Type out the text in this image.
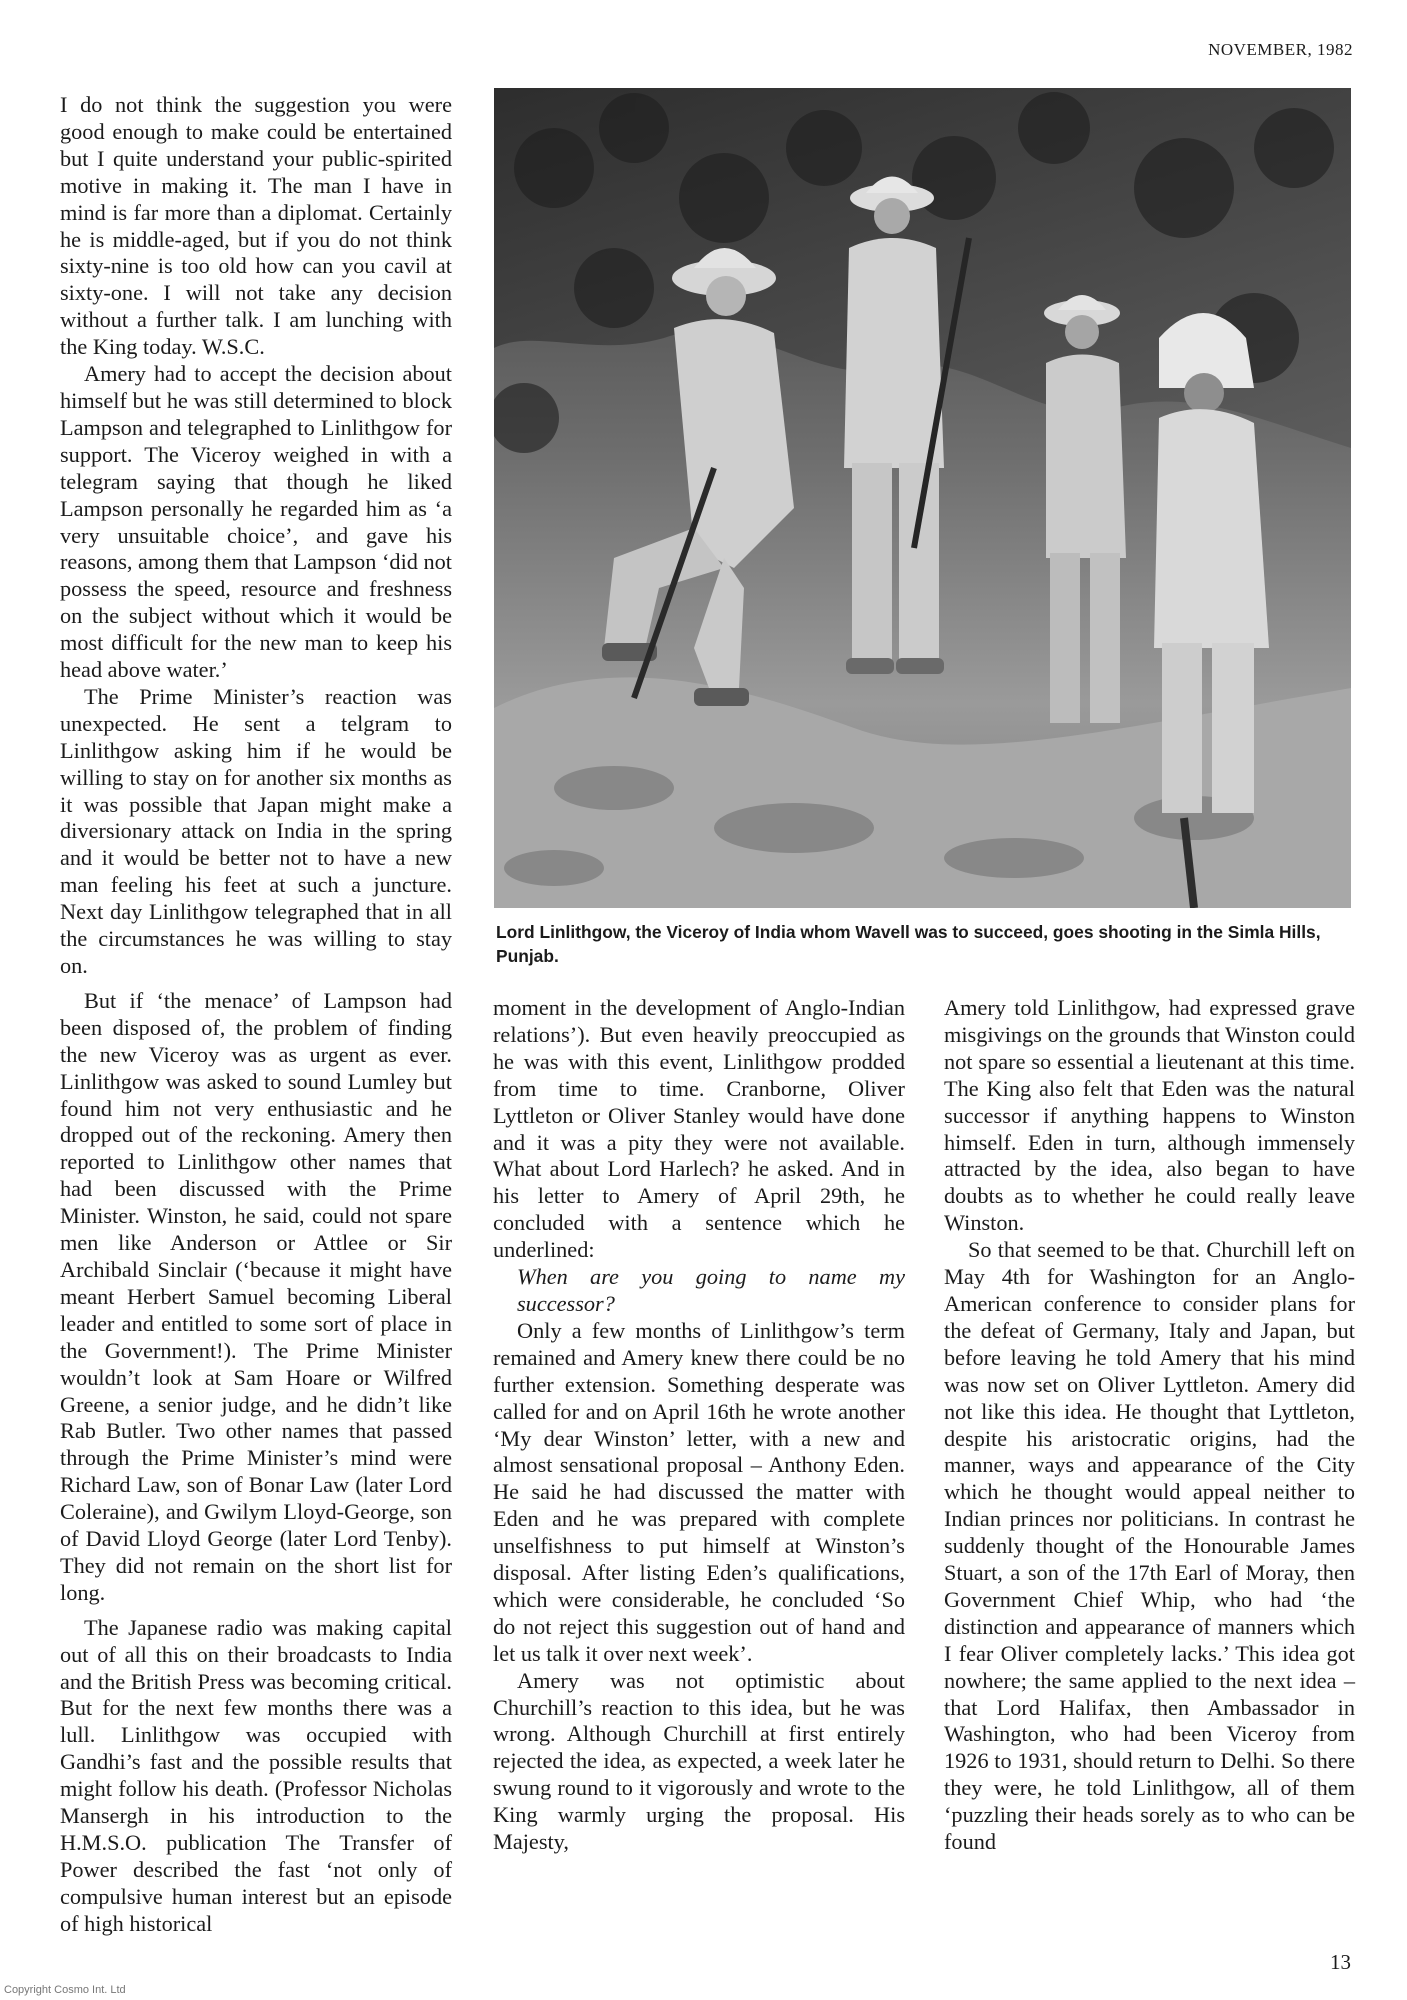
NOVEMBER, 1982

I do not think the suggestion you were good enough to make could be entertained but I quite understand your public-spirited motive in making it. The man I have in mind is far more than a diplomat. Certainly he is middle-aged, but if you do not think sixty-nine is too old how can you cavil at sixty-one. I will not take any decision without a further talk. I am lunching with the King today. W.S.C.

Amery had to accept the decision about himself but he was still determined to block Lampson and telegraphed to Linlithgow for support. The Viceroy weighed in with a telegram saying that though he liked Lampson personally he regarded him as ‘a very unsuitable choice’, and gave his reasons, among them that Lampson ‘did not possess the speed, resource and freshness on the subject without which it would be most difficult for the new man to keep his head above water.’

The Prime Minister’s reaction was unexpected. He sent a telgram to Linlithgow asking him if he would be willing to stay on for another six months as it was possible that Japan might make a diversionary attack on India in the spring and it would be better not to have a new man feeling his feet at such a juncture. Next day Linlithgow telegraphed that in all the circumstances he was willing to stay on.

But if ‘the menace’ of Lampson had been disposed of, the problem of finding the new Viceroy was as urgent as ever. Linlithgow was asked to sound Lumley but found him not very enthusiastic and he dropped out of the reckoning. Amery then reported to Linlithgow other names that had been discussed with the Prime Minister. Winston, he said, could not spare men like Anderson or Attlee or Sir Archibald Sinclair (‘because it might have meant Herbert Samuel becoming Liberal leader and entitled to some sort of place in the Government!). The Prime Minister wouldn’t look at Sam Hoare or Wilfred Greene, a senior judge, and he didn’t like Rab Butler. Two other names that passed through the Prime Minister’s mind were Richard Law, son of Bonar Law (later Lord Coleraine), and Gwilym Lloyd-George, son of David Lloyd George (later Lord Tenby). They did not remain on the short list for long.

The Japanese radio was making capital out of all this on their broadcasts to India and the British Press was becoming critical. But for the next few months there was a lull. Linlithgow was occupied with Gandhi’s fast and the possible results that might follow his death. (Professor Nicholas Mansergh in his introduction to the H.M.S.O. publication The Transfer of Power described the fast ‘not only of compulsive human interest but an episode of high historical

Lord Linlithgow, the Viceroy of India whom Wavell was to succeed, goes shooting in the Simla Hills, Punjab.

moment in the development of Anglo-Indian relations’). But even heavily preoccupied as he was with this event, Linlithgow prodded from time to time. Cranborne, Oliver Lyttleton or Oliver Stanley would have done and it was a pity they were not available. What about Lord Harlech? he asked. And in his letter to Amery of April 29th, he concluded with a sentence which he underlined:

When are you going to name my successor?

Only a few months of Linlithgow’s term remained and Amery knew there could be no further extension. Something desperate was called for and on April 16th he wrote another ‘My dear Winston’ letter, with a new and almost sensational proposal – Anthony Eden. He said he had discussed the matter with Eden and he was prepared with complete unselfishness to put himself at Winston’s disposal. After listing Eden’s qualifications, which were considerable, he concluded ‘So do not reject this suggestion out of hand and let us talk it over next week’.

Amery was not optimistic about Churchill’s reaction to this idea, but he was wrong. Although Churchill at first entirely rejected the idea, as expected, a week later he swung round to it vigorously and wrote to the King warmly urging the proposal. His Majesty,

Amery told Linlithgow, had expressed grave misgivings on the grounds that Winston could not spare so essential a lieutenant at this time. The King also felt that Eden was the natural successor if anything happens to Winston himself. Eden in turn, although immensely attracted by the idea, also began to have doubts as to whether he could really leave Winston.

So that seemed to be that. Churchill left on May 4th for Washington for an Anglo-American conference to consider plans for the defeat of Germany, Italy and Japan, but before leaving he told Amery that his mind was now set on Oliver Lyttleton. Amery did not like this idea. He thought that Lyttleton, despite his aristocratic origins, had the manner, ways and appearance of the City which he thought would appeal neither to Indian princes nor politicians. In contrast he suddenly thought of the Honourable James Stuart, a son of the 17th Earl of Moray, then Government Chief Whip, who had ‘the distinction and appearance of manners which I fear Oliver completely lacks.’ This idea got nowhere; the same applied to the next idea – that Lord Halifax, then Ambassador in Washington, who had been Viceroy from 1926 to 1931, should return to Delhi. So there they were, he told Linlithgow, all of them ‘puzzling their heads sorely as to who can be found

13
Copyright Cosmo Int. Ltd
